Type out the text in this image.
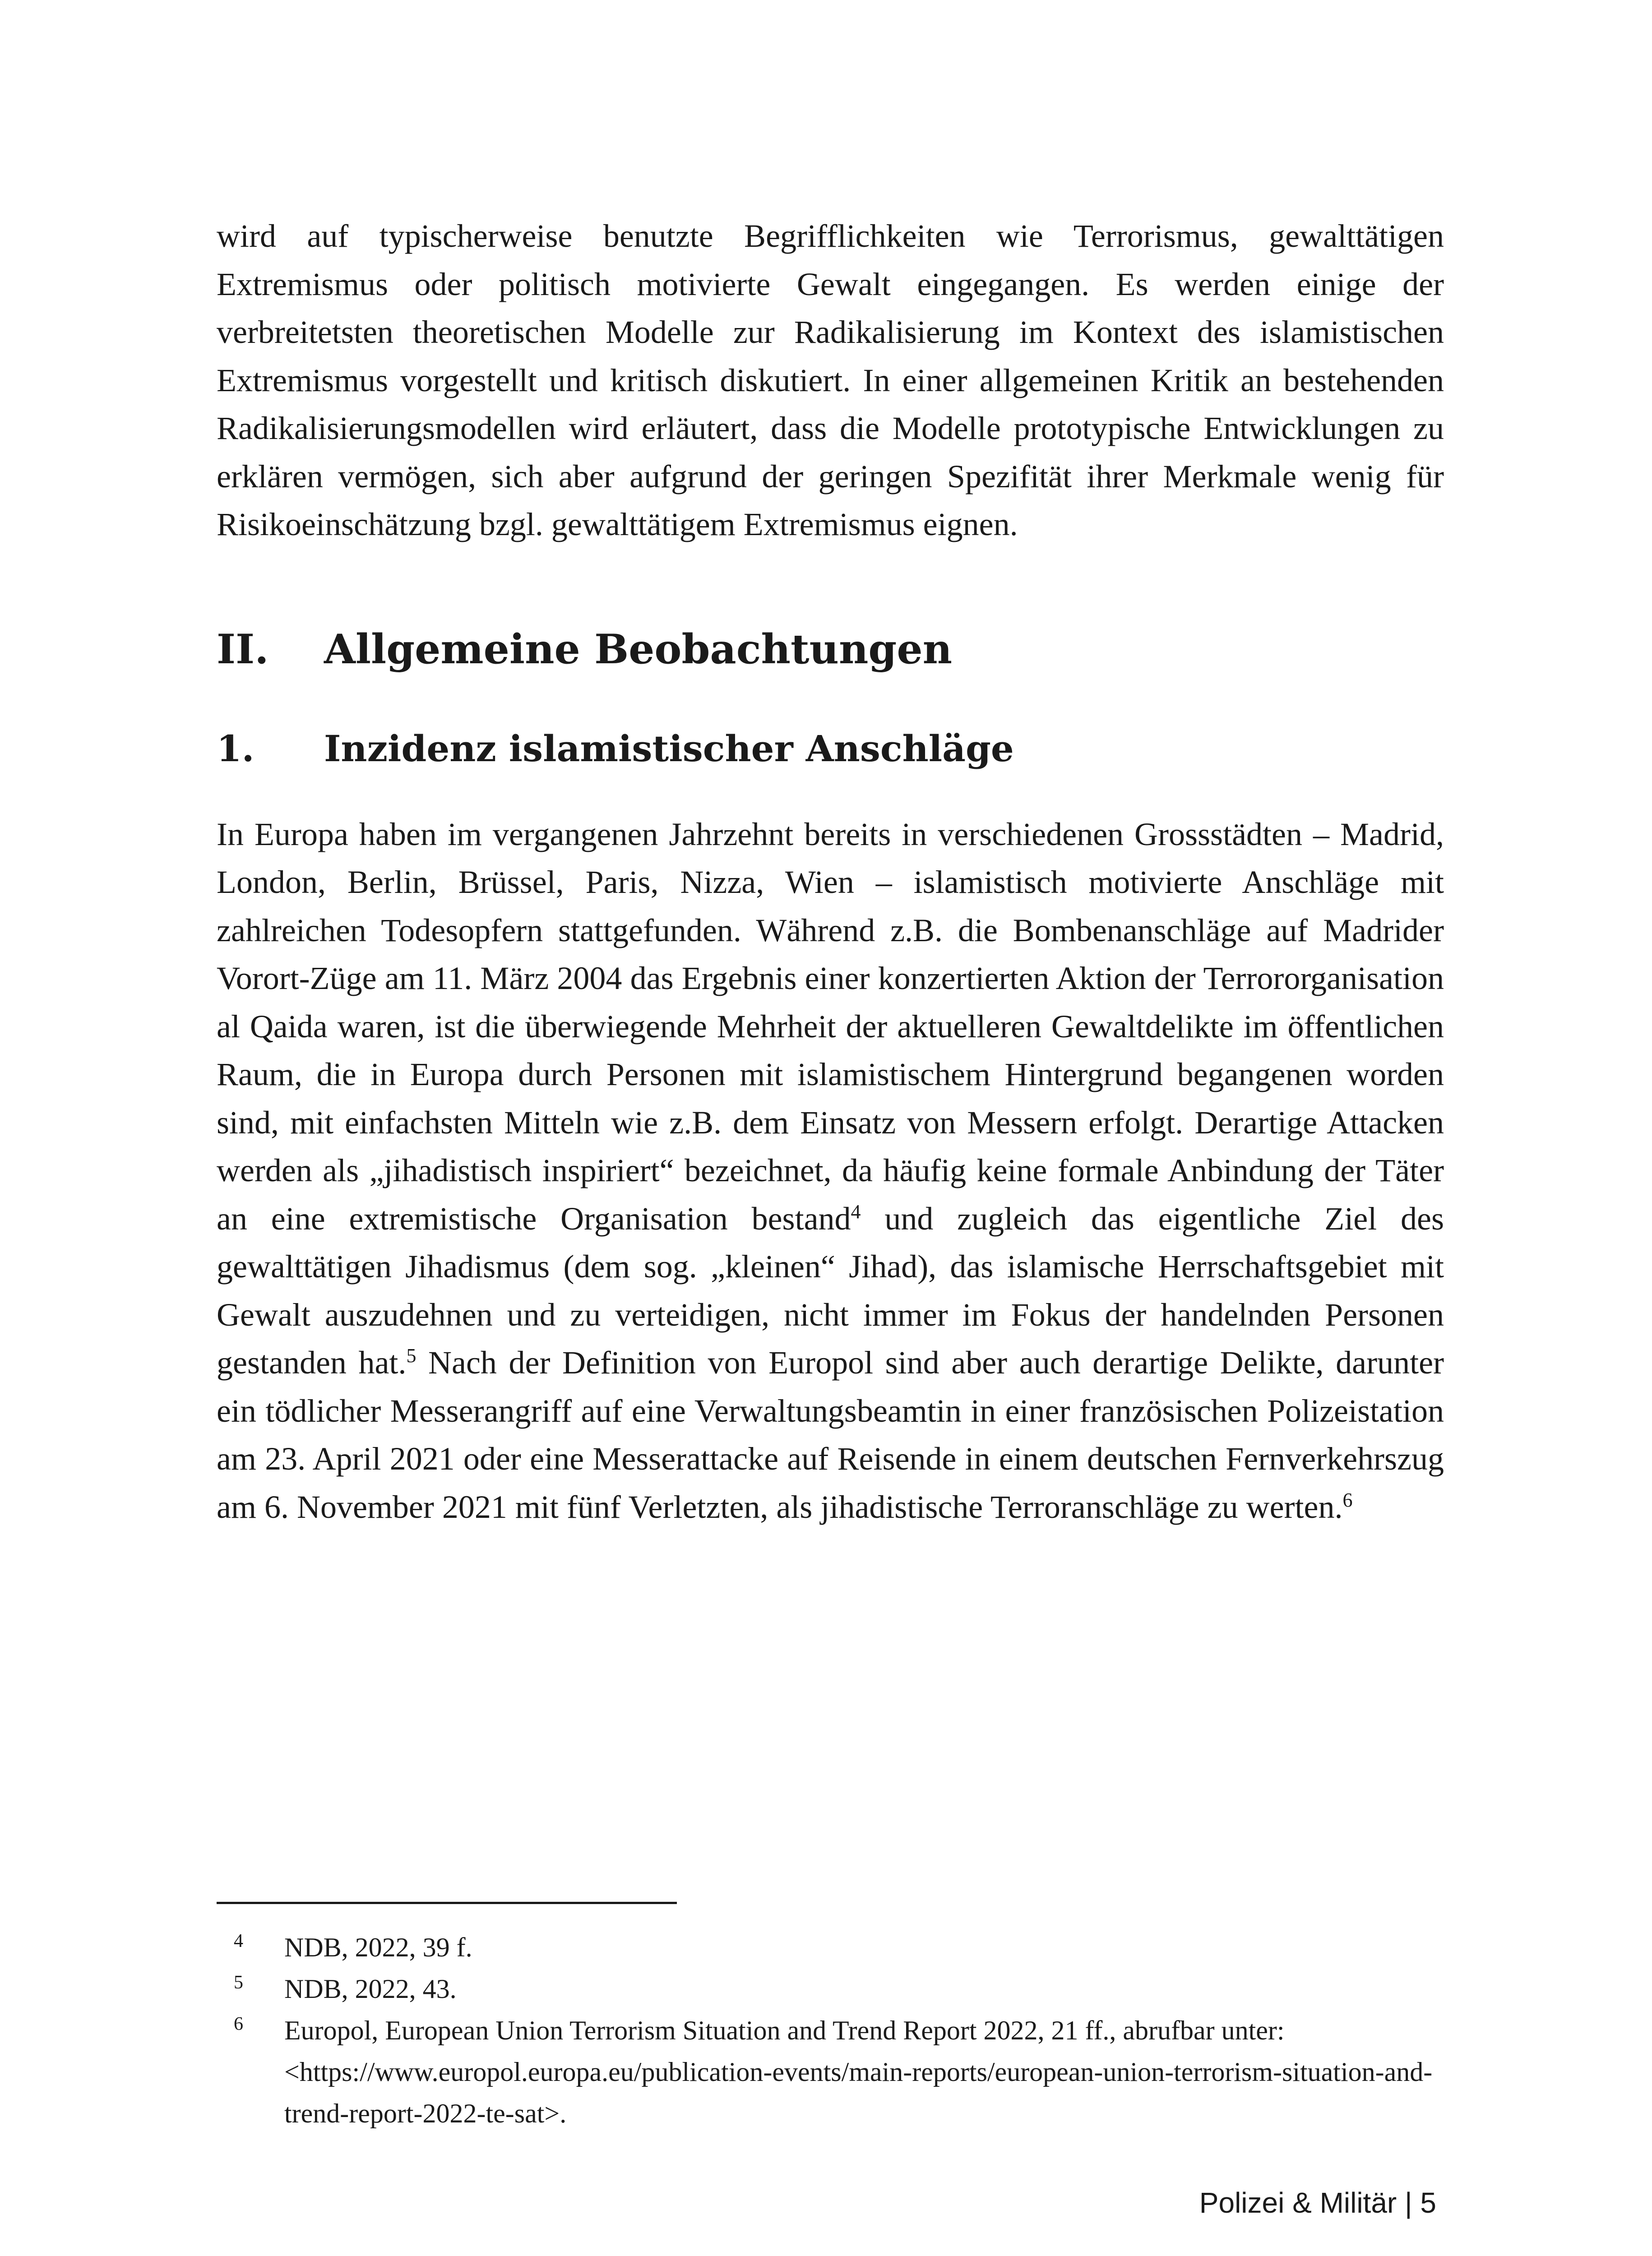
wird auf typischerweise benutzte Begrifflichkeiten wie Terrorismus, gewalttätigen Extremismus oder politisch motivierte Gewalt eingegangen. Es werden einige der verbreitetsten theoretischen Modelle zur Radikalisierung im Kontext des islamistischen Extremismus vorgestellt und kritisch diskutiert. In einer allgemeinen Kritik an bestehenden Radikalisierungsmodellen wird erläutert, dass die Modelle prototypische Entwicklungen zu erklären vermögen, sich aber aufgrund der geringen Spezifität ihrer Merkmale wenig für Risikoeinschätzung bzgl. gewalttätigem Extremismus eignen.

II.	Allgemeine Beobachtungen
1.	Inzidenz islamistischer Anschläge

In Europa haben im vergangenen Jahrzehnt bereits in verschiedenen Grossstädten – Madrid, London, Berlin, Brüssel, Paris, Nizza, Wien – islamistisch motivierte Anschläge mit zahlreichen Todesopfern stattgefunden. Während z.B. die Bombenanschläge auf Madrider Vorort-Züge am 11. März 2004 das Ergebnis einer konzertierten Aktion der Terrororganisation al Qaida waren, ist die überwiegende Mehrheit der aktuelleren Gewaltdelikte im öffentlichen Raum, die in Europa durch Personen mit islamistischem Hintergrund begangenen worden sind, mit einfachsten Mitteln wie z.B. dem Einsatz von Messern erfolgt. Derartige Attacken werden als „jihadistisch inspiriert“ bezeichnet, da häufig keine formale Anbindung der Täter an eine extremistische Organisation bestand$^4$ und zugleich das eigentliche Ziel des gewalttätigen Jihadismus (dem sog. „kleinen“ Jihad), das islamische Herrschaftsgebiet mit Gewalt auszudehnen und zu verteidigen, nicht immer im Fokus der handelnden Personen gestanden hat.$^5$ Nach der Definition von Europol sind aber auch derartige Delikte, darunter ein tödlicher Messerangriff auf eine Verwaltungsbeamtin in einer französischen Polizeistation am 23. April 2021 oder eine Messerattacke auf Reisende in einem deutschen Fernverkehrszug am 6. November 2021 mit fünf Verletzten, als jihadistische Terroranschläge zu werten.$^6$

4	NDB, 2022, 39 f.
5	NDB, 2022, 43.
6	Europol, European Union Terrorism Situation and Trend Report 2022, 21 ff., abrufbar unter:
<https://www.europol.europa.eu/publication-events/main-reports/european-union-terrorism-situation-and-trend-report-2022-te-sat>.
Polizei & Militär | 5
